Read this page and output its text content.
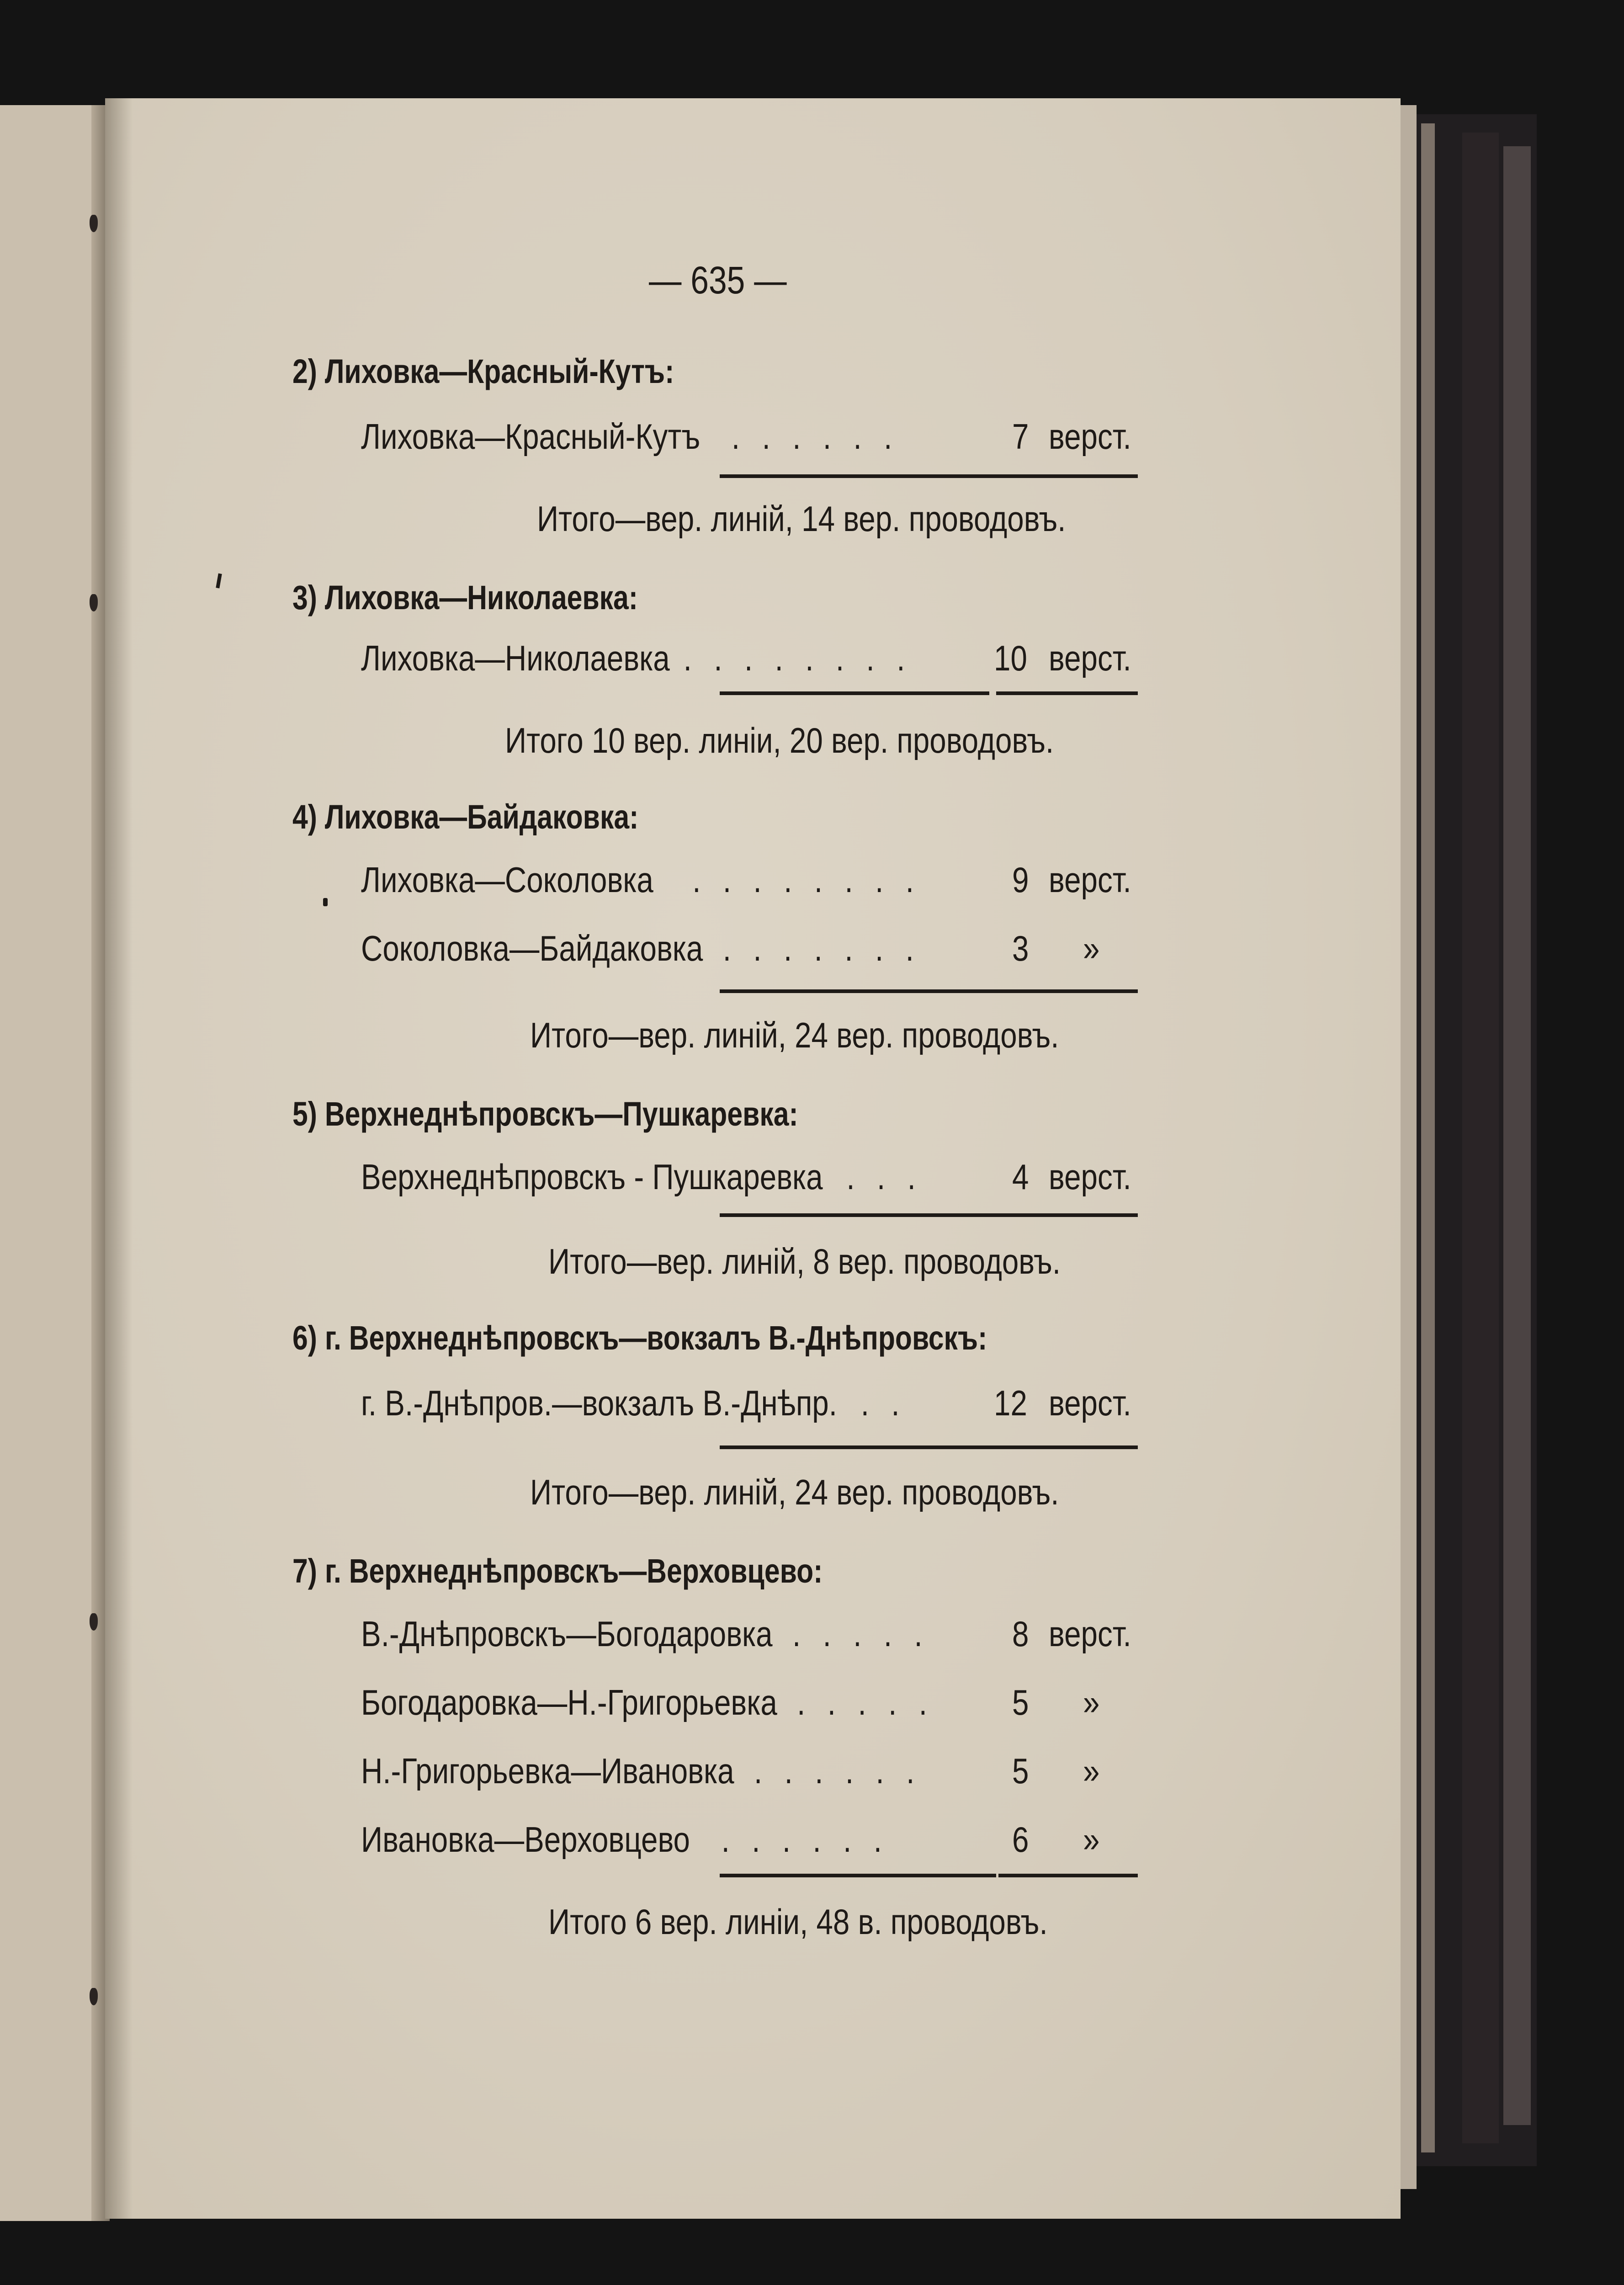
— 635 —
2) Лиховка—Красный-Кутъ:
Лиховка—Красный-Кутъ . . . . . .	7 верст.
Итого—вер. линій, 14 вер. проводовъ.
3) Лиховка—Николаевка:
Лиховка—Николаевка . . . . . . . . 10 верст.
Итого 10 вер. линіи, 20 вер. проводовъ.
4) Лиховка—Байдаковка:
Лиховка—Соколовка . . . . . . . .	9 верст.
Соколовка—Байдаковка . . . . . . .	3 »
Итого—вер. линій, 24 вер. проводовъ.
5) Верхнеднѣпровскъ—Пушкаревка:
Верхнеднѣпровскъ - Пушкаревка . . .	4 верст.
Итого—вер. линій, 8 вер. проводовъ.
6) г. Верхнеднѣпровскъ—вокзалъ В.-Днѣпровскъ:
г. В.-Днѣпров.—вокзалъ В.-Днѣпр. . . 12 верст.
Итого—вер. линій, 24 вер. проводовъ.
7) г. Верхнеднѣпровскъ—Верховцево:
В.-Днѣпровскъ—Богодаровка . . . . . 8 верст.
Богодаровка—Н.-Григорьевка . . . . . 5 »
Н.-Григорьевка—Ивановка . . . . . .	5 »
Ивановка—Верховцево . . . . . .	6 »
Итого 6 вер. линіи, 48 в. проводовъ.
